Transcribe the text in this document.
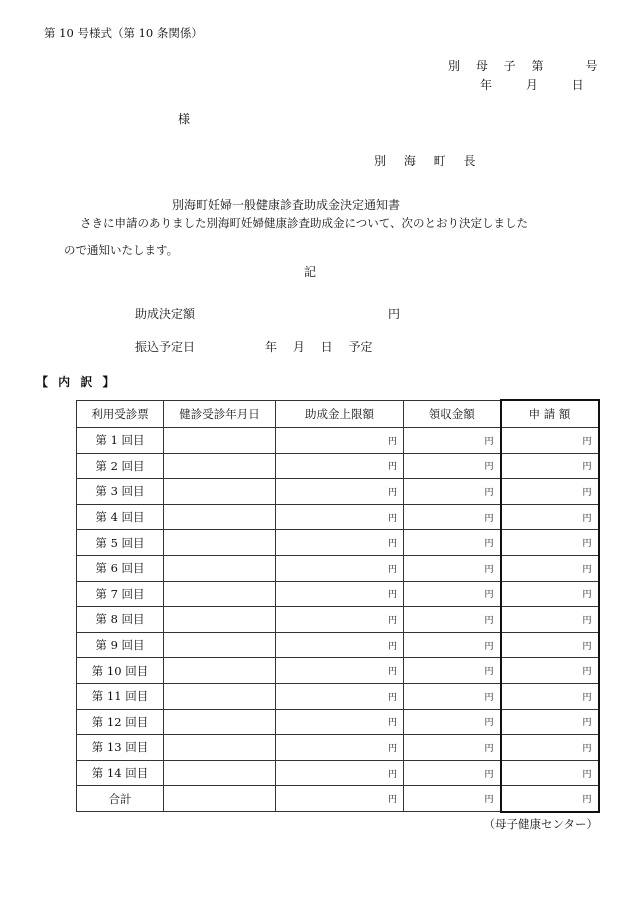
第 10 号様式（第 10 条関係）
別 母 子 第　　号
年　 月　 日
様
別 海 町 長
別海町妊婦一般健康診査助成金決定通知書
さきに申請のありました別海町妊婦健康診査助成金について、次のとおり決定しました
ので通知いたします。
記
助成決定額	円
振込予定日	年 月 日 予定
【 内 訳 】
利用受診票	健診受診年月日	助成金上限額	領収金額	申 請 額
第 1 回目		円	円	円
第 2 回目		円	円	円
第 3 回目		円	円	円
第 4 回目		円	円	円
第 5 回目		円	円	円
第 6 回目		円	円	円
第 7 回目		円	円	円
第 8 回目		円	円	円
第 9 回目		円	円	円
第 10 回目		円	円	円
第 11 回目		円	円	円
第 12 回目		円	円	円
第 13 回目		円	円	円
第 14 回目		円	円	円
合計		円	円	円
（母子健康センター）
